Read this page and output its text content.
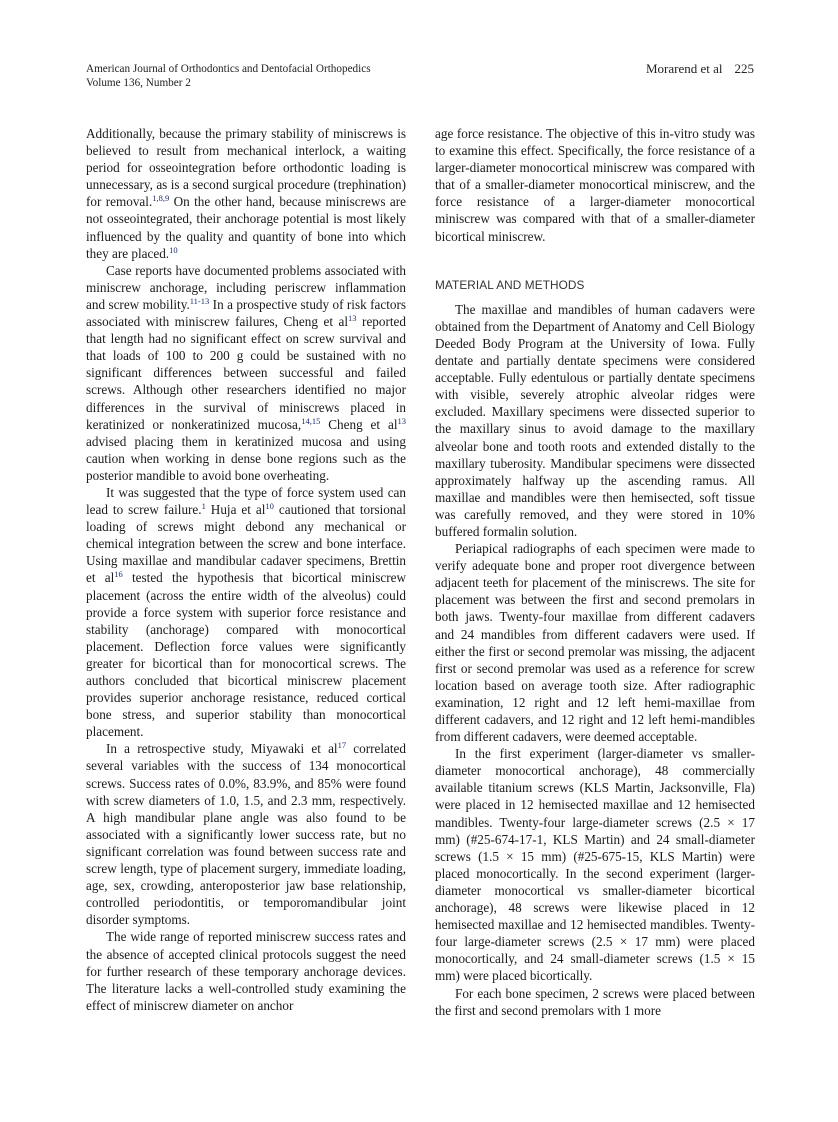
American Journal of Orthodontics and Dentofacial Orthopedics
Volume 136, Number 2
Morarend et al 225

Additionally, because the primary stability of miniscrews is believed to result from mechanical interlock, a waiting period for osseointegration before orthodontic loading is unnecessary, as is a second surgical procedure (trephination) for removal.$^{1,8,9}$ On the other hand, because miniscrews are not osseointegrated, their anchorage potential is most likely influenced by the quality and quantity of bone into which they are placed.$^{10}$

Case reports have documented problems associated with miniscrew anchorage, including periscrew inflammation and screw mobility.$^{11-13}$ In a prospective study of risk factors associated with miniscrew failures, Cheng et $al^{13}$ reported that length had no significant effect on screw survival and that loads of 100 to 200 g could be sustained with no significant differences between successful and failed screws. Although other researchers identified no major differences in the survival of miniscrews placed in keratinized or nonkeratinized mucosa,$^{14,15}$ Cheng et $al^{13}$ advised placing them in keratinized mucosa and using caution when working in dense bone regions such as the posterior mandible to avoid bone overheating.

It was suggested that the type of force system used can lead to screw failure.$^1$ Huja et $al^{10}$ cautioned that torsional loading of screws might debond any mechanical or chemical integration between the screw and bone interface. Using maxillae and mandibular cadaver specimens, Brettin et $al^{16}$ tested the hypothesis that bicortical miniscrew placement (across the entire width of the alveolus) could provide a force system with superior force resistance and stability (anchorage) compared with monocortical placement. Deflection force values were significantly greater for bicortical than for monocortical screws. The authors concluded that bicortical miniscrew placement provides superior anchorage resistance, reduced cortical bone stress, and superior stability than monocortical placement.

In a retrospective study, Miyawaki et $al^{17}$ correlated several variables with the success of 134 monocortical screws. Success rates of 0.0%, 83.9%, and 85% were found with screw diameters of 1.0, 1.5, and 2.3 mm, respectively. A high mandibular plane angle was also found to be associated with a significantly lower success rate, but no significant correlation was found between success rate and screw length, type of placement surgery, immediate loading, age, sex, crowding, anteroposterior jaw base relationship, controlled periodontitis, or temporomandibular joint disorder symptoms.

The wide range of reported miniscrew success rates and the absence of accepted clinical protocols suggest the need for further research of these temporary anchorage devices. The literature lacks a well-controlled study examining the effect of miniscrew diameter on anchor

age force resistance. The objective of this in-vitro study was to examine this effect. Specifically, the force resistance of a larger-diameter monocortical miniscrew was compared with that of a smaller-diameter monocortical miniscrew, and the force resistance of a larger-diameter monocortical miniscrew was compared with that of a smaller-diameter bicortical miniscrew.

MATERIAL AND METHODS

The maxillae and mandibles of human cadavers were obtained from the Department of Anatomy and Cell Biology Deeded Body Program at the University of Iowa. Fully dentate and partially dentate specimens were considered acceptable. Fully edentulous or partially dentate specimens with visible, severely atrophic alveolar ridges were excluded. Maxillary specimens were dissected superior to the maxillary sinus to avoid damage to the maxillary alveolar bone and tooth roots and extended distally to the maxillary tuberosity. Mandibular specimens were dissected approximately halfway up the ascending ramus. All maxillae and mandibles were then hemisected, soft tissue was carefully removed, and they were stored in 10% buffered formalin solution.

Periapical radiographs of each specimen were made to verify adequate bone and proper root divergence between adjacent teeth for placement of the miniscrews. The site for placement was between the first and second premolars in both jaws. Twenty-four maxillae from different cadavers and 24 mandibles from different cadavers were used. If either the first or second premolar was missing, the adjacent first or second premolar was used as a reference for screw location based on average tooth size. After radiographic examination, 12 right and 12 left hemi-maxillae from different cadavers, and 12 right and 12 left hemi-mandibles from different cadavers, were deemed acceptable.

In the first experiment (larger-diameter vs smaller-diameter monocortical anchorage), 48 commercially available titanium screws (KLS Martin, Jacksonville, Fla) were placed in 12 hemisected maxillae and 12 hemisected mandibles. Twenty-four large-diameter screws (2.5 × 17 mm) (#25-674-17-1, KLS Martin) and 24 small-diameter screws (1.5 × 15 mm) (#25-675-15, KLS Martin) were placed monocortically. In the second experiment (larger-diameter monocortical vs smaller-diameter bicortical anchorage), 48 screws were likewise placed in 12 hemisected maxillae and 12 hemisected mandibles. Twenty-four large-diameter screws (2.5 × 17 mm) were placed monocortically, and 24 small-diameter screws (1.5 × 15 mm) were placed bicortically.

For each bone specimen, 2 screws were placed between the first and second premolars with 1 more
